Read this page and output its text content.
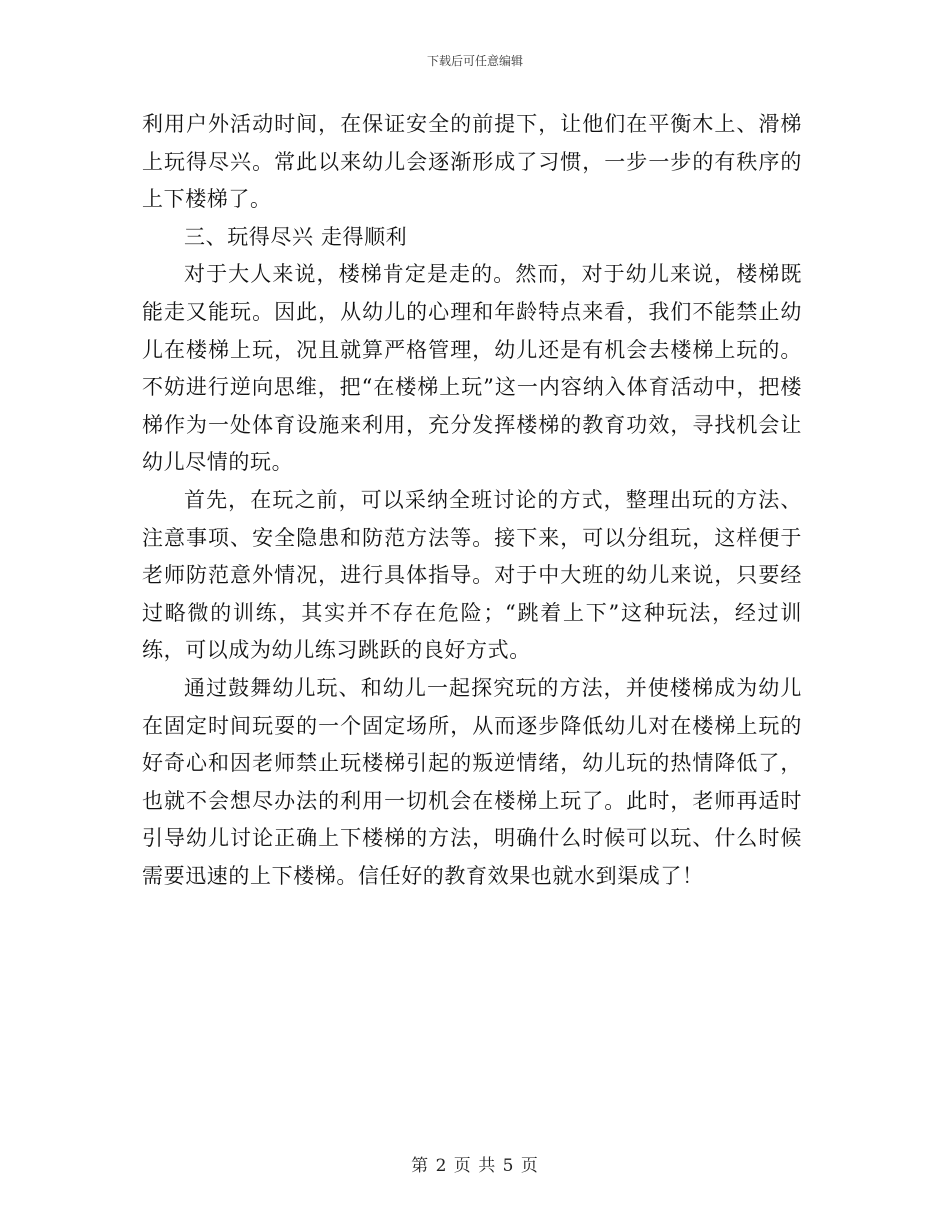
下载后可任意编辑

利用户外活动时间，在保证安全的前提下，让他们在平衡木上、滑梯上玩得尽兴。常此以来幼儿会逐渐形成了习惯，一步一步的有秩序的上下楼梯了。

三、玩得尽兴 走得顺利

对于大人来说，楼梯肯定是走的。然而，对于幼儿来说，楼梯既能走又能玩。因此，从幼儿的心理和年龄特点来看，我们不能禁止幼儿在楼梯上玩，况且就算严格管理，幼儿还是有机会去楼梯上玩的。不妨进行逆向思维，把“在楼梯上玩”这一内容纳入体育活动中，把楼梯作为一处体育设施来利用，充分发挥楼梯的教育功效，寻找机会让幼儿尽情的玩。

首先，在玩之前，可以采纳全班讨论的方式，整理出玩的方法、注意事项、安全隐患和防范方法等。接下来，可以分组玩，这样便于老师防范意外情况，进行具体指导。对于中大班的幼儿来说，只要经过略微的训练，其实并不存在危险；“跳着上下”这种玩法，经过训练，可以成为幼儿练习跳跃的良好方式。

通过鼓舞幼儿玩、和幼儿一起探究玩的方法，并使楼梯成为幼儿在固定时间玩耍的一个固定场所，从而逐步降低幼儿对在楼梯上玩的好奇心和因老师禁止玩楼梯引起的叛逆情绪，幼儿玩的热情降低了，也就不会想尽办法的利用一切机会在楼梯上玩了。此时，老师再适时引导幼儿讨论正确上下楼梯的方法，明确什么时候可以玩、什么时候需要迅速的上下楼梯。信任好的教育效果也就水到渠成了！

第 2 页 共 5 页
